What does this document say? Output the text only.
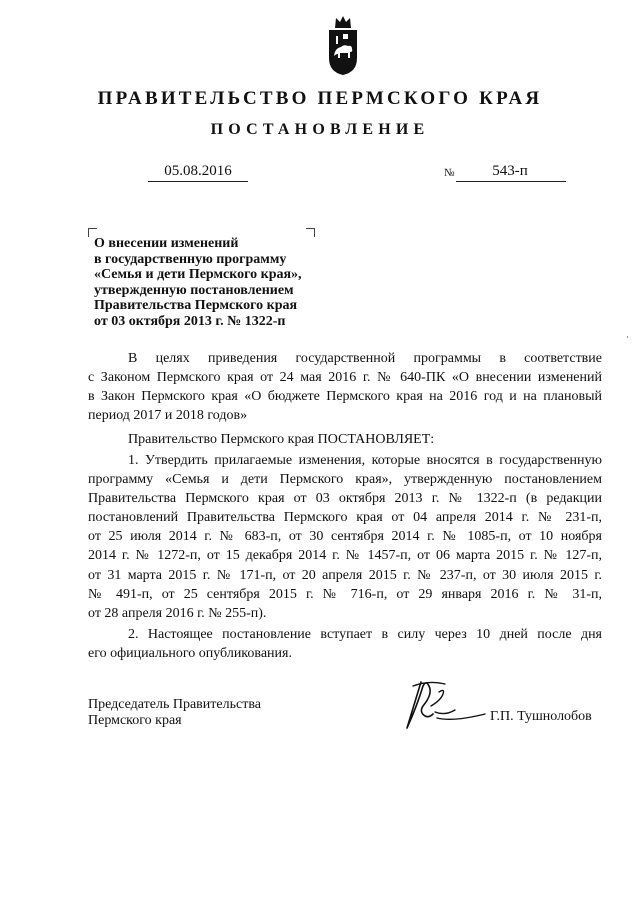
ПРАВИТЕЛЬСТВО ПЕРМСКОГО КРАЯ
ПОСТАНОВЛЕНИЕ
05.08.2016	№	543-п
О внесении изменений
в государственную программу
«Семья и дети Пермского края»,
утвержденную постановлением
Правительства Пермского края
от 03 октября 2013 г. № 1322-п
В целях приведения государственной программы в соответствие
с Законом Пермского края от 24 мая 2016 г. № 640-ПК «О внесении изменений
в Закон Пермского края «О бюджете Пермского края на 2016 год и на плановый
период 2017 и 2018 годов»
Правительство Пермского края ПОСТАНОВЛЯЕТ:
1. Утвердить прилагаемые изменения, которые вносятся в государственную
программу «Семья и дети Пермского края», утвержденную постановлением
Правительства Пермского края от 03 октября 2013 г. № 1322-п (в редакции
постановлений Правительства Пермского края от 04 апреля 2014 г. № 231-п,
от 25 июля 2014 г. № 683-п, от 30 сентября 2014 г. № 1085-п, от 10 ноября
2014 г. № 1272-п, от 15 декабря 2014 г. № 1457-п, от 06 марта 2015 г. № 127-п,
от 31 марта 2015 г. № 171-п, от 20 апреля 2015 г. № 237-п, от 30 июля 2015 г.
№ 491-п, от 25 сентября 2015 г. № 716-п, от 29 января 2016 г. № 31-п,
от 28 апреля 2016 г. № 255-п).
2. Настоящее постановление вступает в силу через 10 дней после дня
его официального опубликования.
Председатель Правительства
Пермского края	Г.П. Тушнолобов
